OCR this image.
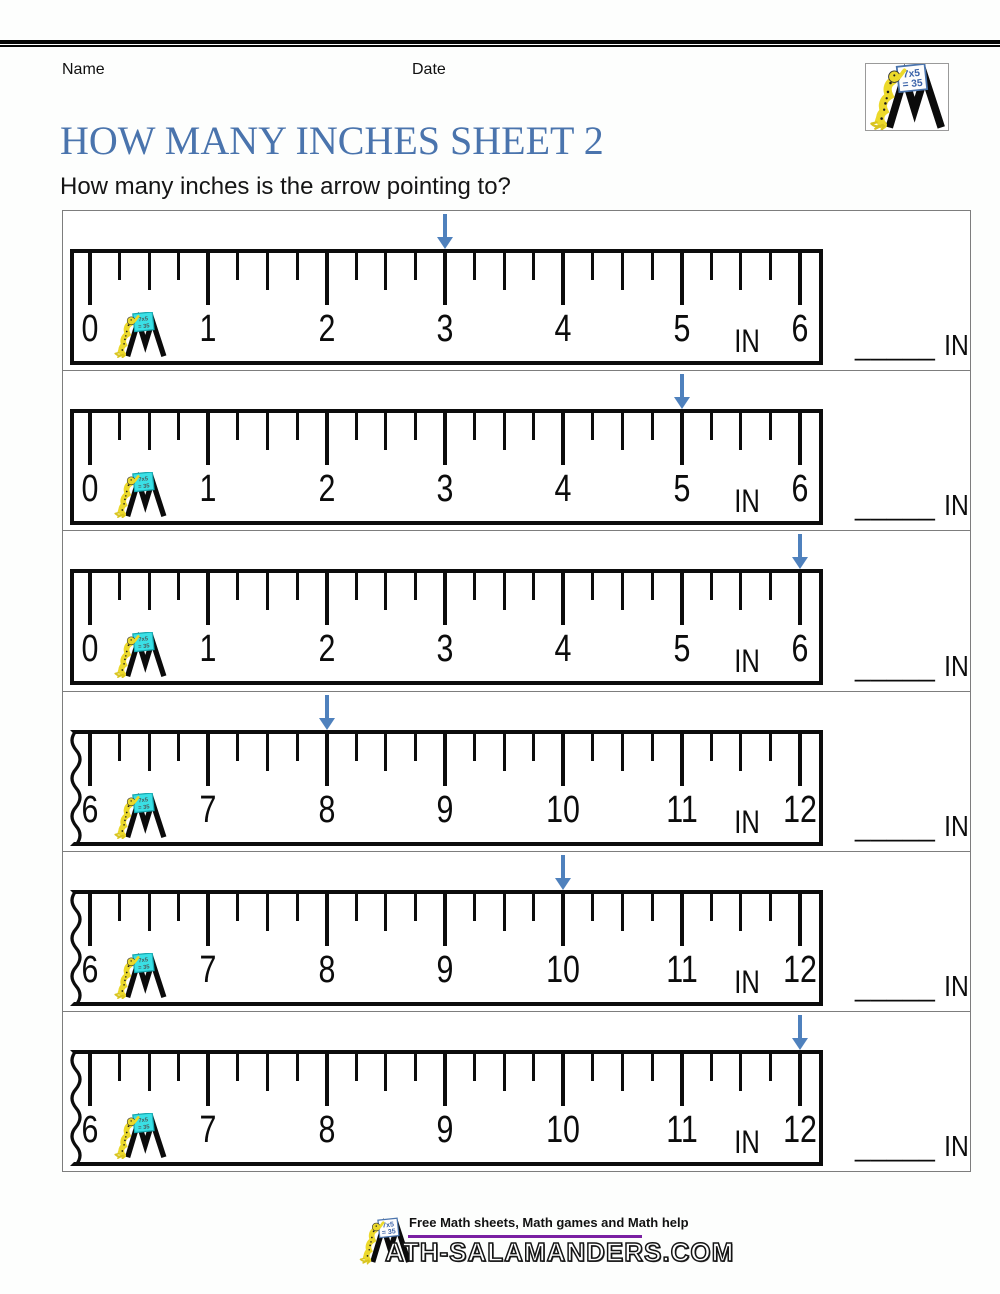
Name	Date	7x5
= 35
HOW MANY INCHES SHEET 2
How many inches is the arrow pointing to?
0	1	2	3	4	5	6
IN
7x5
= 35
_____ IN
0	1	2	3	4	5	6
IN
7x5
= 35
_____ IN
0	1	2	3	4	5	6
IN
7x5
= 35
_____ IN
6	7	8	9 10 11 12
IN
7x5
= 35
_____ IN
6	7	8	9 10 11 12
IN
7x5
= 35
_____ IN
6	7	8	9 10 11 12
IN
7x5
= 35
_____ IN
7x5
= 35
Free Math sheets, Math games and Math help
ATH-SALAMANDERS.COM
